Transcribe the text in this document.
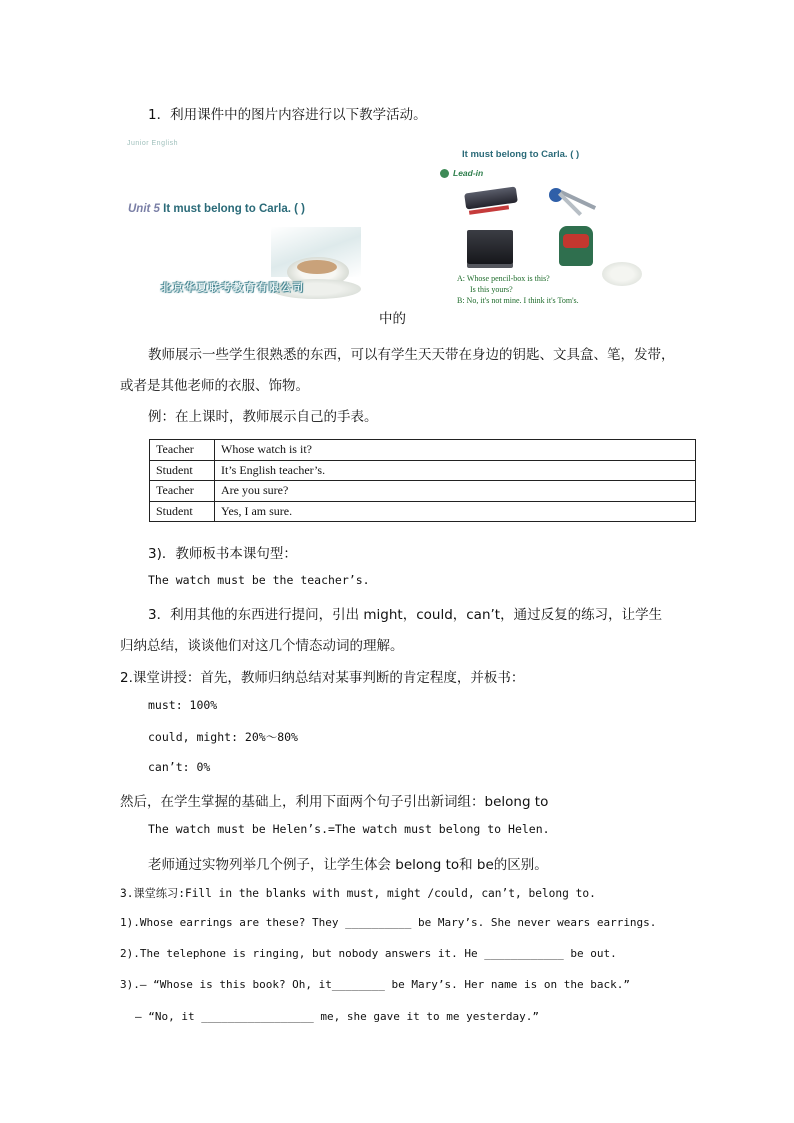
1．利用课件中的图片内容进行以下教学活动。
Junior English
Unit 5 It must belong to Carla. ( )
北京华夏联考教育有限公司
It must belong to Carla. ( )
Lead-in
A: Whose pencil-box is this?
Is this yours?
B: No, it's not mine. I think it's Tom's.
中的
教师展示一些学生很熟悉的东西，可以有学生天天带在身边的钥匙、文具盒、笔，发带，
或者是其他老师的衣服、饰物。
例：在上课时，教师展示自己的手表。
Teacher	Whose watch is it?
Student	It’s English teacher’s.
Teacher	Are you sure?
Student	Yes, I am sure.
3)．教师板书本课句型：
The watch must be the teacher’s.
3．利用其他的东西进行提问，引出 might，could，can’t，通过反复的练习，让学生
归纳总结，谈谈他们对这几个情态动词的理解。
2.课堂讲授：首先，教师归纳总结对某事判断的肯定程度，并板书：
must: 100%
could, might: 20%～80%
can’t: 0%
然后，在学生掌握的基础上，利用下面两个句子引出新词组：belong to
The watch must be Helen’s.=The watch must belong to Helen.
老师通过实物列举几个例子，让学生体会 belong to和 be的区别。
3.课堂练习:Fill in the blanks with must, might /could, can’t, belong to.
1).Whose earrings are these? They __________ be Mary’s. She never wears earrings.
2).The telephone is ringing, but nobody answers it. He ____________ be out.
3).— “Whose is this book? Oh, it________ be Mary’s. Her name is on the back.”
— “No, it _________________ me, she gave it to me yesterday.”
